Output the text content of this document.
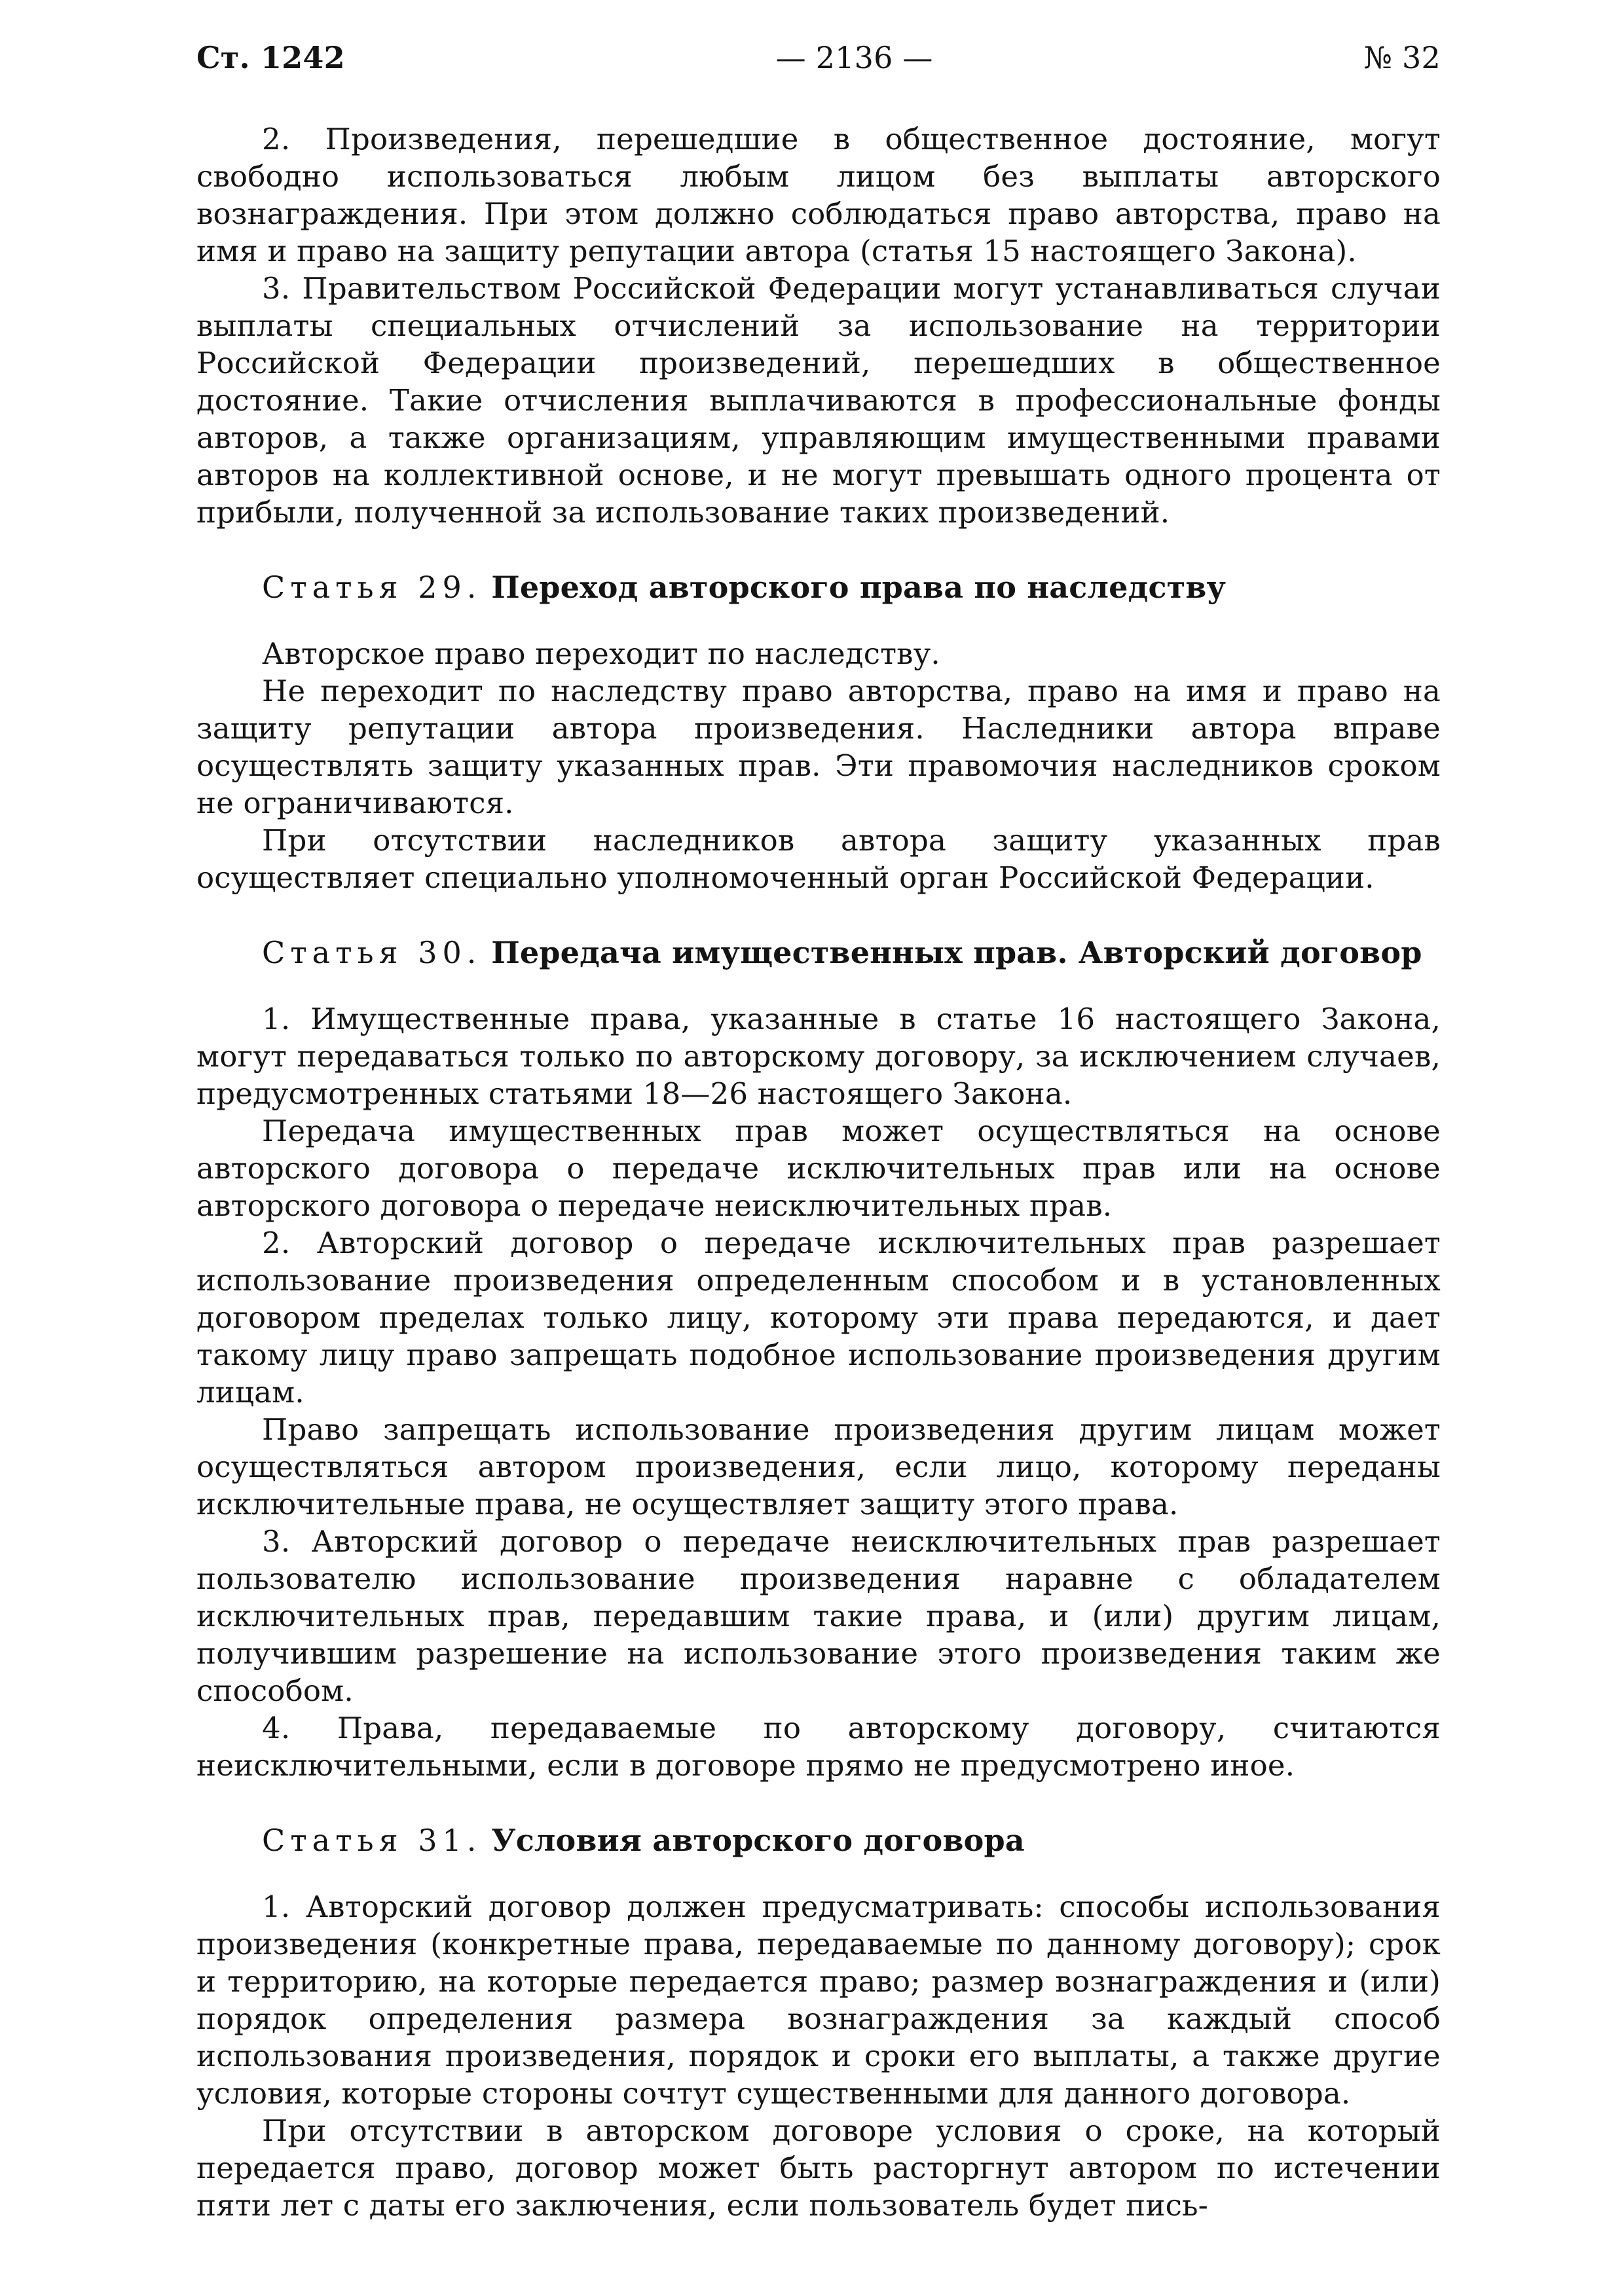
Ст. 1242	— 2136 —	№ 32

2. Произведения, перешедшие в общественное достояние, могут свободно использоваться любым лицом без выплаты авторского вознаграждения. При этом должно соблюдаться право авторства, право на имя и право на защиту репутации автора (статья 15 настоящего Закона).

3. Правительством Российской Федерации могут устанавливаться случаи выплаты специальных отчислений за использование на территории Российской Федерации произведений, перешедших в общественное достояние. Такие отчисления выплачиваются в профессиональные фонды авторов, а также организациям, управляющим имущественными правами авторов на коллективной основе, и не могут превышать одного процента от прибыли, полученной за использование таких произведений.

Статья 29. Переход авторского права по наследству

Авторское право переходит по наследству.

Не переходит по наследству право авторства, право на имя и право на защиту репутации автора произведения. Наследники автора вправе осуществлять защиту указанных прав. Эти правомочия наследников сроком не ограничиваются.

При отсутствии наследников автора защиту указанных прав осуществляет специально уполномоченный орган Российской Федерации.

Статья 30. Передача имущественных прав. Авторский договор

1. Имущественные права, указанные в статье 16 настоящего Закона, могут передаваться только по авторскому договору, за исключением случаев, предусмотренных статьями 18—26 настоящего Закона.

Передача имущественных прав может осуществляться на основе авторского договора о передаче исключительных прав или на основе авторского договора о передаче неисключительных прав.

2. Авторский договор о передаче исключительных прав разрешает использование произведения определенным способом и в установленных договором пределах только лицу, которому эти права передаются, и дает такому лицу право запрещать подобное использование произведения другим лицам.

Право запрещать использование произведения другим лицам может осуществляться автором произведения, если лицо, которому переданы исключительные права, не осуществляет защиту этого права.

3. Авторский договор о передаче неисключительных прав разрешает пользователю использование произведения наравне с обладателем исключительных прав, передавшим такие права, и (или) другим лицам, получившим разрешение на использование этого произведения таким же способом.

4. Права, передаваемые по авторскому договору, считаются неисключительными, если в договоре прямо не предусмотрено иное.

Статья 31. Условия авторского договора

1. Авторский договор должен предусматривать: способы использования произведения (конкретные права, передаваемые по данному договору); срок и территорию, на которые передается право; размер вознаграждения и (или) порядок определения размера вознаграждения за каждый способ использования произведения, порядок и сроки его выплаты, а также другие условия, которые стороны сочтут существенными для данного договора.

При отсутствии в авторском договоре условия о сроке, на который передается право, договор может быть расторгнут автором по истечении пяти лет с даты его заключения, если пользователь будет пись-
